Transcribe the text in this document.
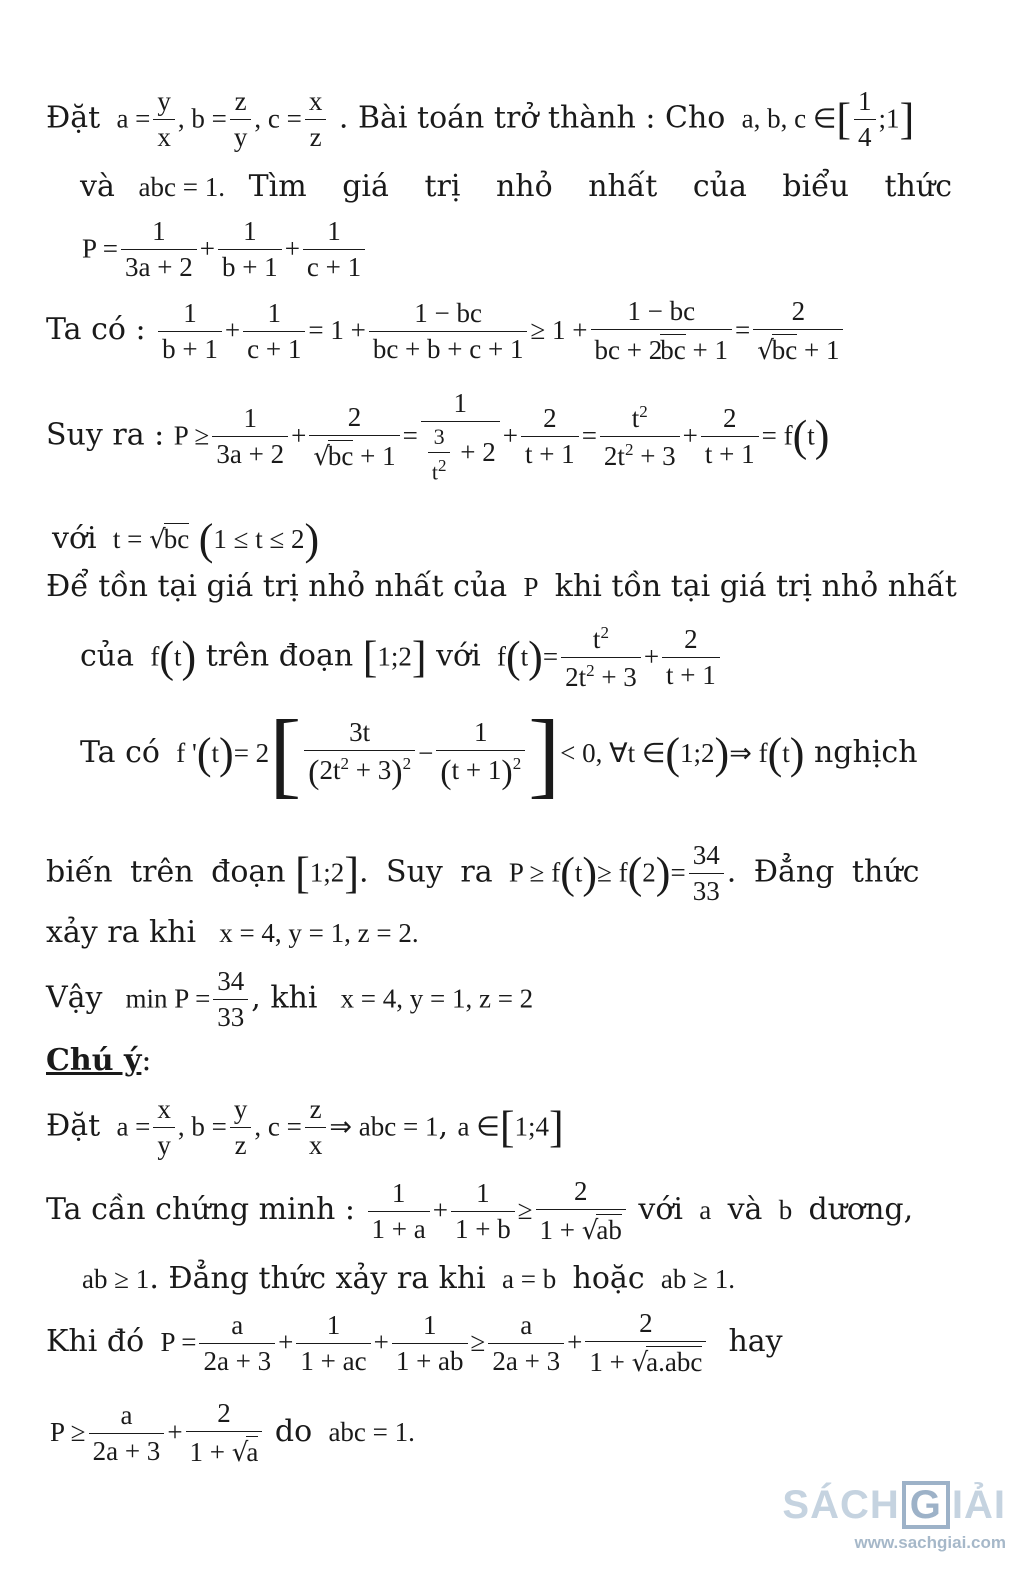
Đặt  $a = \frac{y}{x}$ , $b = \frac{z}{y}$ , $c = \frac{x}{z}$ . Bài toán trở thành : Cho  a, b, c ∈[ $\frac{1}{4}$ ;1]
và abc = 1. Tìm giá trị nhỏ nhất của biểu thức
$P = \frac{1}{3a + 2} + \frac{1}{b + 1} + \frac{1}{c + 1}$
Ta có : $\frac{1}{b + 1} + \frac{1}{c + 1} = 1 + \frac{1 - bc}{bc + b + c + 1} \ge 1 + \frac{1 - bc}{bc + 2bc + 1} = \frac{2}{√bc + 1}$
Suy ra : $P \ge \frac{1}{3a + 2} + \frac{2}{√bc + 1} = \frac{1}{\frac{3}{t^2} + 2} + \frac{2}{t + 1} = \frac{t^2}{2t^2 + 3} + \frac{2}{t + 1} = f(t)$
với  t = √bc (1 ≤ t ≤ 2)
Để tồn tại giá trị nhỏ nhất của  P  khi tồn tại giá trị nhỏ nhất
của  f(t) trên đoạn [1;2] với  $f(t)= \frac{t^2}{2t^2 + 3} + \frac{2}{t + 1}$
Ta có  f '$(t)= 2[ \frac{3t}{(2t^2 + 3)^2} - \frac{1}{(t + 1)^2}$ ]< 0, ∀t ∈(1;2)⇒ f(t) nghịch
biến trên đoạn [1;2]. Suy ra  $P \ge f(t)\ge f(2)= \frac{34}{33}$ . Đẳng thức
xảy ra khi   x = 4, y = 1, z = 2.
Vậy   $\min P = \frac{34}{33}$ , khi   x = 4, y = 1, z = 2
Chú ý:
Đặt  $a = \frac{x}{y}$ , $b = \frac{y}{z}$ , $c = \frac{z}{x}$ ⇒ abc = 1, a ∈[1;4]
Ta cần chứng minh : $\frac{1}{1 + a} + \frac{1}{1 + b} \ge \frac{2}{1 + √ab}$ với  a  và  b  dương,
ab ≥ 1. Đẳng thức xảy ra khi  a = b  hoặc  ab ≥ 1.
Khi đó  $P = \frac{a}{2a + 3} + \frac{1}{1 + ac} + \frac{1}{1 + ab} \ge \frac{a}{2a + 3} + \frac{2}{\text{1 + √a.abc}}$ hay
$P \ge \frac{a}{2a + 3} + \frac{2}{1 + √a}$ do  abc = 1.
SÁCH G IẢI
www.sachgiai.com
